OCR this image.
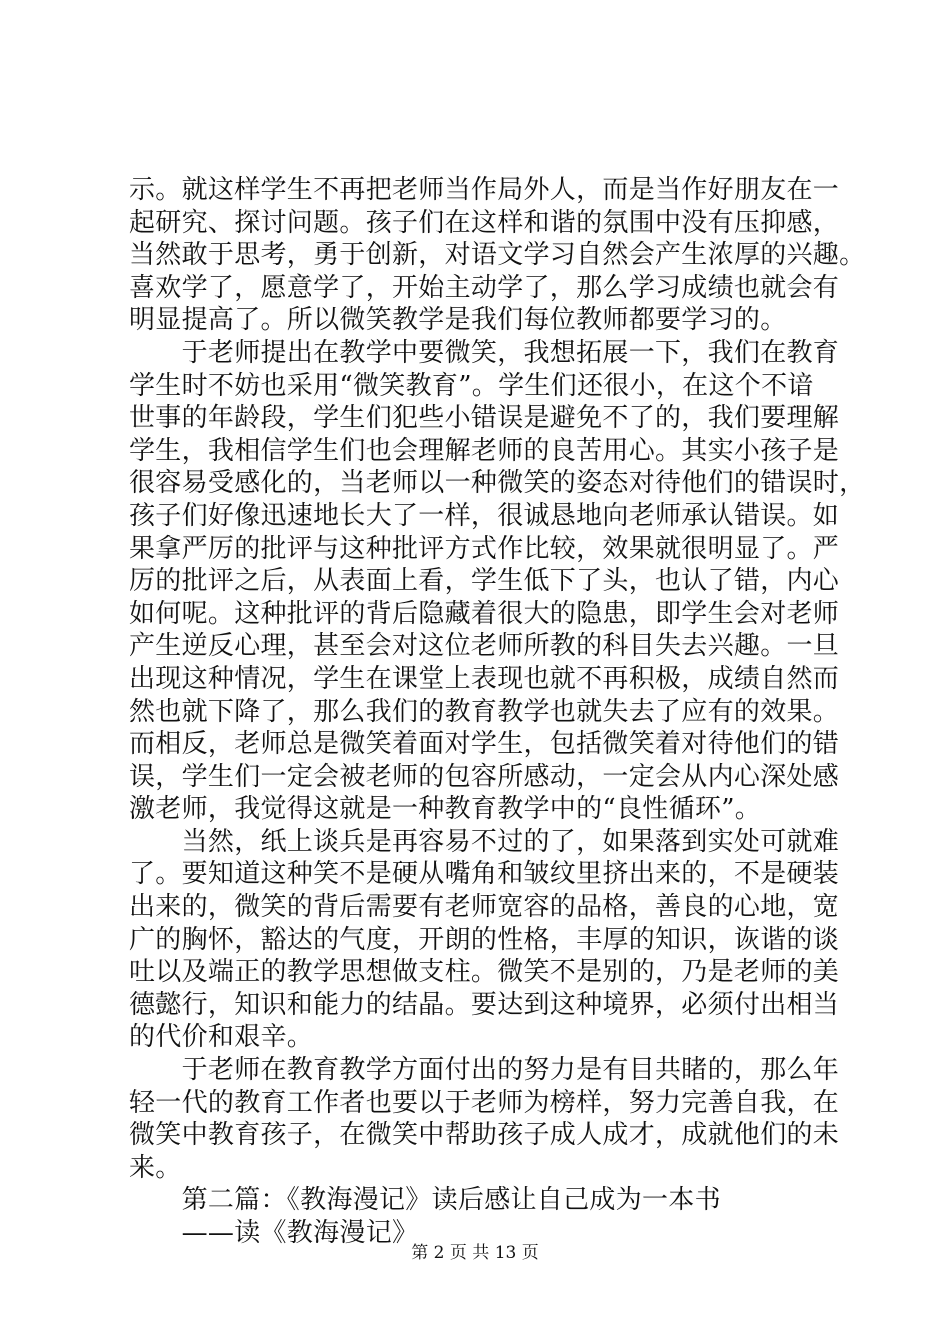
示。就这样学生不再把老师当作局外人，而是当作好朋友在一
起研究、探讨问题。孩子们在这样和谐的氛围中没有压抑感，
当然敢于思考，勇于创新，对语文学习自然会产生浓厚的兴趣。
喜欢学了，愿意学了，开始主动学了，那么学习成绩也就会有
明显提高了。所以微笑教学是我们每位教师都要学习的。
　　于老师提出在教学中要微笑，我想拓展一下，我们在教育
学生时不妨也采用“微笑教育”。学生们还很小，在这个不谙
世事的年龄段，学生们犯些小错误是避免不了的，我们要理解
学生，我相信学生们也会理解老师的良苦用心。其实小孩子是
很容易受感化的，当老师以一种微笑的姿态对待他们的错误时，
孩子们好像迅速地长大了一样，很诚恳地向老师承认错误。如
果拿严厉的批评与这种批评方式作比较，效果就很明显了。严
厉的批评之后，从表面上看，学生低下了头，也认了错，内心
如何呢。这种批评的背后隐藏着很大的隐患，即学生会对老师
产生逆反心理，甚至会对这位老师所教的科目失去兴趣。一旦
出现这种情况，学生在课堂上表现也就不再积极，成绩自然而
然也就下降了，那么我们的教育教学也就失去了应有的效果。
而相反，老师总是微笑着面对学生，包括微笑着对待他们的错
误，学生们一定会被老师的包容所感动，一定会从内心深处感
激老师，我觉得这就是一种教育教学中的“良性循环”。
　　当然，纸上谈兵是再容易不过的了，如果落到实处可就难
了。要知道这种笑不是硬从嘴角和皱纹里挤出来的，不是硬装
出来的，微笑的背后需要有老师宽容的品格，善良的心地，宽
广的胸怀，豁达的气度，开朗的性格，丰厚的知识，诙谐的谈
吐以及端正的教学思想做支柱。微笑不是别的，乃是老师的美
德懿行，知识和能力的结晶。要达到这种境界，必须付出相当
的代价和艰辛。
　　于老师在教育教学方面付出的努力是有目共睹的，那么年
轻一代的教育工作者也要以于老师为榜样，努力完善自我，在
微笑中教育孩子，在微笑中帮助孩子成人成才，成就他们的未
来。
　　第二篇：《教海漫记》读后感让自己成为一本书
　　——读《教海漫记》
第 2 页 共 13 页
